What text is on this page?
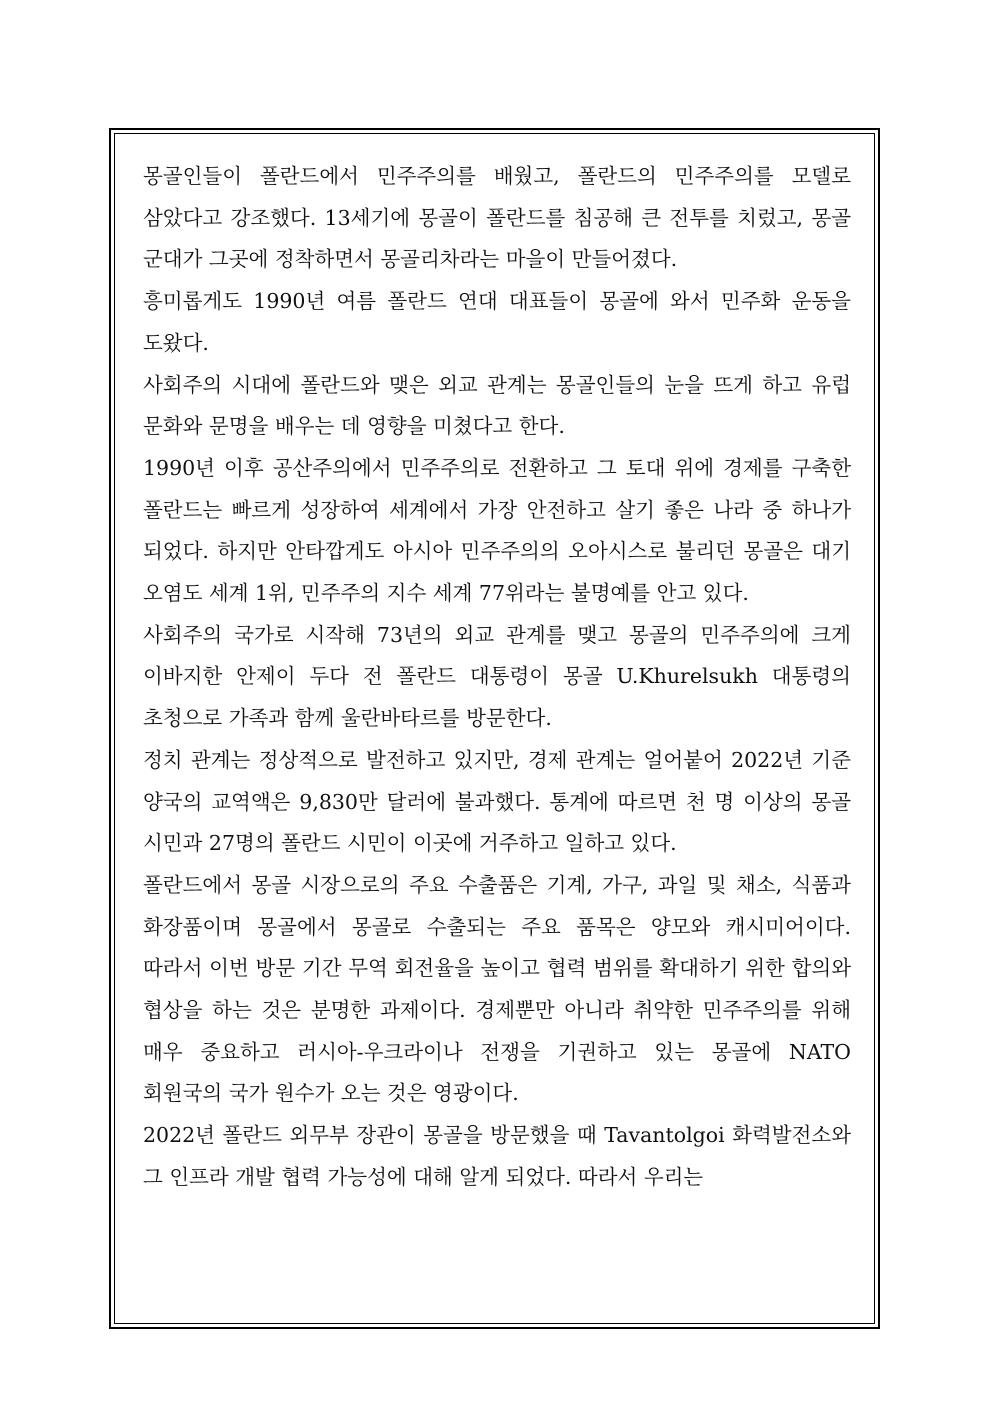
몽골인들이 폴란드에서 민주주의를 배웠고, 폴란드의 민주주의를 모델로 삼았다고 강조했다. 13세기에 몽골이 폴란드를 침공해 큰 전투를 치렀고, 몽골 군대가 그곳에 정착하면서 몽골리차라는 마을이 만들어졌다.

흥미롭게도 1990년 여름 폴란드 연대 대표들이 몽골에 와서 민주화 운동을 도왔다.

사회주의 시대에 폴란드와 맺은 외교 관계는 몽골인들의 눈을 뜨게 하고 유럽 문화와 문명을 배우는 데 영향을 미쳤다고 한다.

1990년 이후 공산주의에서 민주주의로 전환하고 그 토대 위에 경제를 구축한 폴란드는 빠르게 성장하여 세계에서 가장 안전하고 살기 좋은 나라 중 하나가 되었다. 하지만 안타깝게도 아시아 민주주의의 오아시스로 불리던 몽골은 대기 오염도 세계 1위, 민주주의 지수 세계 77위라는 불명예를 안고 있다.

사회주의 국가로 시작해 73년의 외교 관계를 맺고 몽골의 민주주의에 크게 이바지한 안제이 두다 전 폴란드 대통령이 몽골 U.Khurelsukh 대통령의 초청으로 가족과 함께 울란바타르를 방문한다.

정치 관계는 정상적으로 발전하고 있지만, 경제 관계는 얼어붙어 2022년 기준 양국의 교역액은 9,830만 달러에 불과했다. 통계에 따르면 천 명 이상의 몽골 시민과 27명의 폴란드 시민이 이곳에 거주하고 일하고 있다.

폴란드에서 몽골 시장으로의 주요 수출품은 기계, 가구, 과일 및 채소, 식품과 화장품이며 몽골에서 몽골로 수출되는 주요 품목은 양모와 캐시미어이다. 따라서 이번 방문 기간 무역 회전율을 높이고 협력 범위를 확대하기 위한 합의와 협상을 하는 것은 분명한 과제이다. 경제뿐만 아니라 취약한 민주주의를 위해 매우 중요하고 러시아-우크라이나 전쟁을 기권하고 있는 몽골에 NATO 회원국의 국가 원수가 오는 것은 영광이다.

2022년 폴란드 외무부 장관이 몽골을 방문했을 때 Tavantolgoi 화력발전소와 그 인프라 개발 협력 가능성에 대해 알게 되었다. 따라서 우리는
